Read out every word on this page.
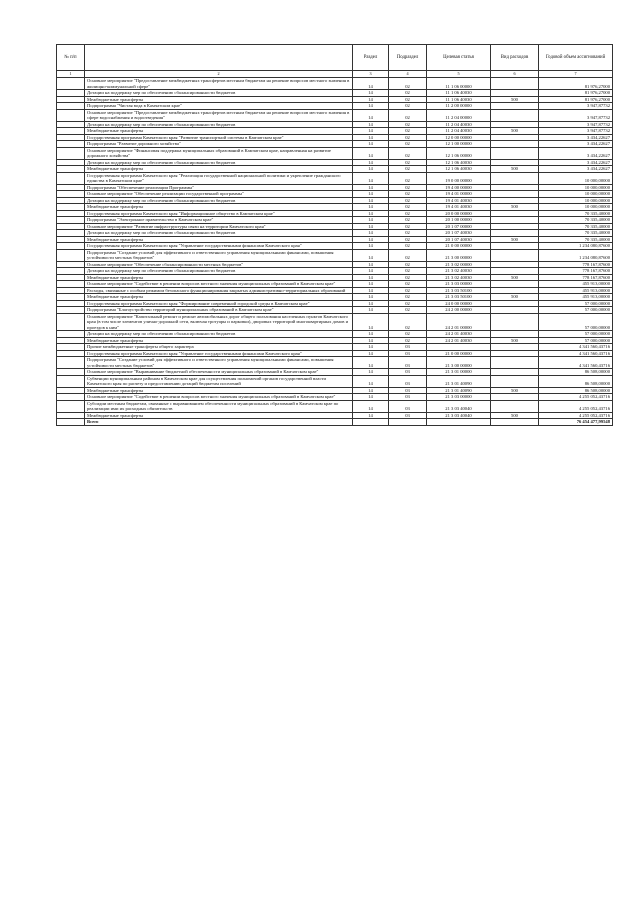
№ п/п		Раздел	Подраздел	Целевая статья	Вид расходов	Годовой объем ассигнований
1	2	3	4	5	6	7
	Основное мероприятие "Предоставление межбюджетных трансфертов местным бюджетам на решение вопросов местного значения в жилищно-коммунальной сфере"	14	02	11 1 06 00000		81 976,27000
	Дотации на поддержку мер по обеспечению сбалансированности бюджетов	14	02	11 1 06 40030		81 976,27000
	Межбюджетные трансферты	14	02	11 1 06 40030	500	81 976,27000
	Подпрограмма "Чистая вода в Камчатском крае"	14	02	11 2 00 00000		3 947,87732
	Основное мероприятие "Предоставление межбюджетных трансфертов местным бюджетам на решение вопросов местного значения в сфере водоснабжения и водоотведения"	14	02	11 2 04 00000		3 947,87732
	Дотации на поддержку мер по обеспечению сбалансированности бюджетов	14	02	11 2 04 40030		3 947,87732
	Межбюджетные трансферты	14	02	11 2 04 40030	500	3 947,87732
	Государственная программа Камчатского края "Развитие транспортной системы в Камчатском крае"	14	02	12 0 00 00000		3 434,22627
	Подпрограмма "Развитие дорожного хозяйства"	14	02	12 1 00 00000		3 434,22627
	Основное мероприятие "Финансовая поддержка муниципальных образований в Камчатском крае, направленная на развитие дорожного хозяйства"	14	02	12 1 06 00000		3 434,22627
	Дотации на поддержку мер по обеспечению сбалансированности бюджетов	14	02	12 1 06 40030		3 434,22627
	Межбюджетные трансферты	14	02	12 1 06 40030	500	3 434,22627
	Государственная программа Камчатского края "Реализация государственной национальной политики и укрепление гражданского единства в Камчатском крае"	14	02	19 0 00 00000		10 000,00000
	Подпрограмма "Обеспечение реализации Программы"	14	02	19 4 00 00000		10 000,00000
	Основное мероприятие "Обеспечение реализации государственной программы"	14	02	19 4 01 00000		10 000,00000
	Дотации на поддержку мер по обеспечению сбалансированности бюджетов	14	02	19 4 01 40030		10 000,00000
	Межбюджетные трансферты	14	02	19 4 01 40030	500	10 000,00000
	Государственная программа Камчатского края "Информационное общество в Камчатском крае"	14	02	20 0 00 00000		70 335,40000
	Подпрограмма "Электронное правительство в Камчатском крае"	14	02	20 1 00 00000		70 335,40000
	Основное мероприятие "Развитие инфраструктуры связи на территории Камчатского края"	14	02	20 1 07 00000		70 335,40000
	Дотации на поддержку мер по обеспечению сбалансированности бюджетов	14	02	20 1 07 40030		70 335,40000
	Межбюджетные трансферты	14	02	20 1 07 40030	500	70 335,40000
	Государственная программа Камчатского края "Управление государственными финансами Камчатского края"	14	02	21 0 00 00000		1 234 080,87600
	Подпрограмма "Создание условий для эффективного и ответственного управления муниципальными финансами, повышения устойчивости местных бюджетов"	14	02	21 3 00 00000		1 234 080,87600
	Основное мероприятие "Обеспечение сбалансированности местных бюджетов"	14	02	21 3 02 00000		778 167,87600
	Дотации на поддержку мер по обеспечению сбалансированности бюджетов	14	02	21 3 02 40030		778 167,87600
	Межбюджетные трансферты	14	02	21 3 02 40030	500	778 167,87600
	Основное мероприятие "Содействие в решении вопросов местного значения муниципальных образований в Камчатском крае"	14	02	21 3 03 00000		455 913,00000
	Расходы, связанные с особым режимом безопасного функционирования закрытых административно-территориальных образований	14	02	21 3 03 50100		455 913,00000
	Межбюджетные трансферты	14	02	21 3 03 50100	500	455 913,00000
	Государственная программа Камчатского края "Формирование современной городской среды в Камчатском крае"	14	02	24 0 00 00000		57 000,00000
	Подпрограмма "Благоустройство территорий муниципальных образований в Камчатском крае"	14	02	24 2 00 00000		57 000,00000
	Основное мероприятие "Капитальный ремонт и ремонт автомобильных дорог общего пользования населенных пунктов Камчатского края (в том числе элементов улично-дорожной сети, включая тротуары и парковки), дворовых территорий многоквартирных домов и проездов к ним"	14	02	24 2 01 00000		57 000,00000
	Дотации на поддержку мер по обеспечению сбалансированности бюджетов	14	02	24 2 01 40030		57 000,00000
	Межбюджетные трансферты	14	02	24 2 01 40030	500	57 000,00000
	Прочие межбюджетные трансферты общего характера	14	03			4 341 560,43716
	Государственная программа Камчатского края "Управление государственными финансами Камчатского края"	14	03	21 0 00 00000		4 341 560,43716
	Подпрограмма "Создание условий для эффективного и ответственного управления муниципальными финансами, повышения устойчивости местных бюджетов"	14	03	21 3 00 00000		4 341 560,43716
	Основное мероприятие "Выравнивание бюджетной обеспеченности муниципальных образований в Камчатском крае"	14	03	21 3 01 00000		86 508,00000
	Субвенции муниципальным районам в Камчатском крае для осуществления полномочий органов государственной власти Камчатского края по расчету и предоставлению дотаций бюджетам поселений	14	03	21 3 01 40090		86 508,00000
	Межбюджетные трансферты	14	03	21 3 01 40090	500	86 508,00000
	Основное мероприятие "Содействие в решении вопросов местного значения муниципальных образований в Камчатском крае"	14	03	21 3 03 00000		4 255 052,43716
	Субсидии местным бюджетам, связанные с выравниванием обеспеченности муниципальных образований в Камчатском крае по реализации ими их расходных обязательств	14	03	21 3 03 40040		4 255 052,43716
	Межбюджетные трансферты	14	03	21 3 03 40040	500	4 255 052,43716
	Всего					76 454 477,99548
